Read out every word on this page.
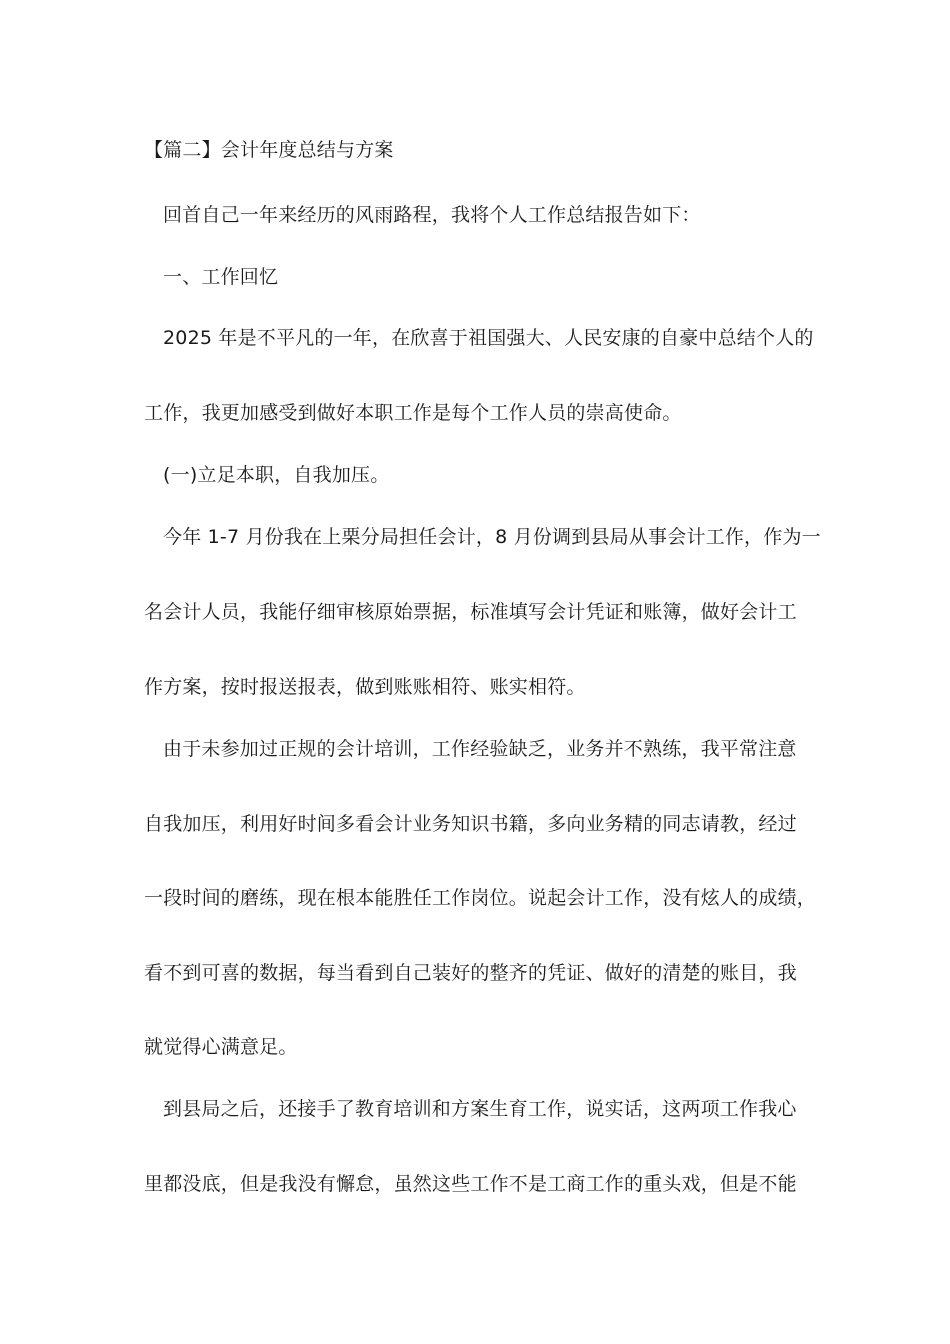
【篇二】会计年度总结与方案
回首自己一年来经历的风雨路程，我将个人工作总结报告如下：
一、工作回忆
2025 年是不平凡的一年，在欣喜于祖国强大、人民安康的自豪中总结个人的
工作，我更加感受到做好本职工作是每个工作人员的崇高使命。
(一)立足本职，自我加压。
今年 1-7 月份我在上栗分局担任会计，8 月份调到县局从事会计工作，作为一
名会计人员，我能仔细审核原始票据，标准填写会计凭证和账簿，做好会计工
作方案，按时报送报表，做到账账相符、账实相符。
由于未参加过正规的会计培训，工作经验缺乏，业务并不熟练，我平常注意
自我加压，利用好时间多看会计业务知识书籍，多向业务精的同志请教，经过
一段时间的磨练，现在根本能胜任工作岗位。说起会计工作，没有炫人的成绩，
看不到可喜的数据，每当看到自己装好的整齐的凭证、做好的清楚的账目，我
就觉得心满意足。
到县局之后，还接手了教育培训和方案生育工作，说实话，这两项工作我心
里都没底，但是我没有懈怠，虽然这些工作不是工商工作的重头戏，但是不能
